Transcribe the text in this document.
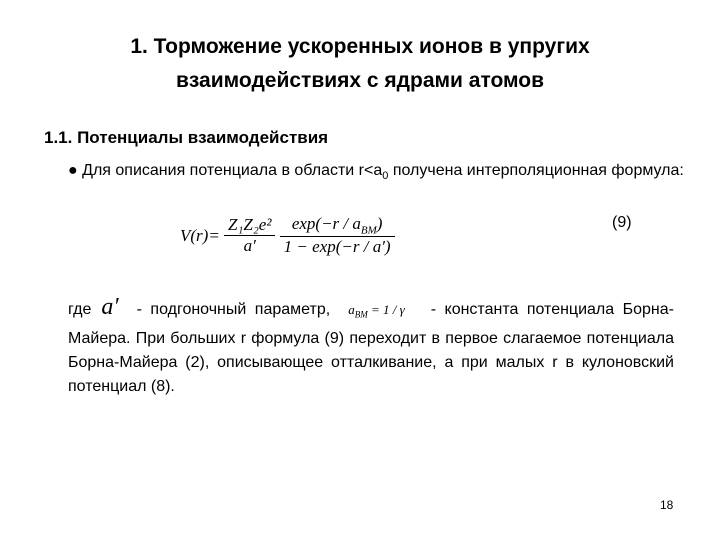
1. Торможение ускоренных ионов в упругих
взаимодействиях с ядрами атомов
1.1. Потенциалы взаимодействия
● Для описания потенциала в области $r<a_0$ получена интерполяционная формула:
$V(r)= \frac{\text{Z₁Z₂e²}}{a'}$
$\frac{\exp(-r / a_{BM})}{1 - \exp(-r / a')}$	(9)
где a′ - подгоночный параметр, $a_{BM} = 1 / \gamma$ - константа потенциала Борна-Майера. При больших r формула (9) переходит в первое слагаемое потенциала Борна-Майера (2), описывающее отталкивание, а при малых r в кулоновский потенциал (8).
18
